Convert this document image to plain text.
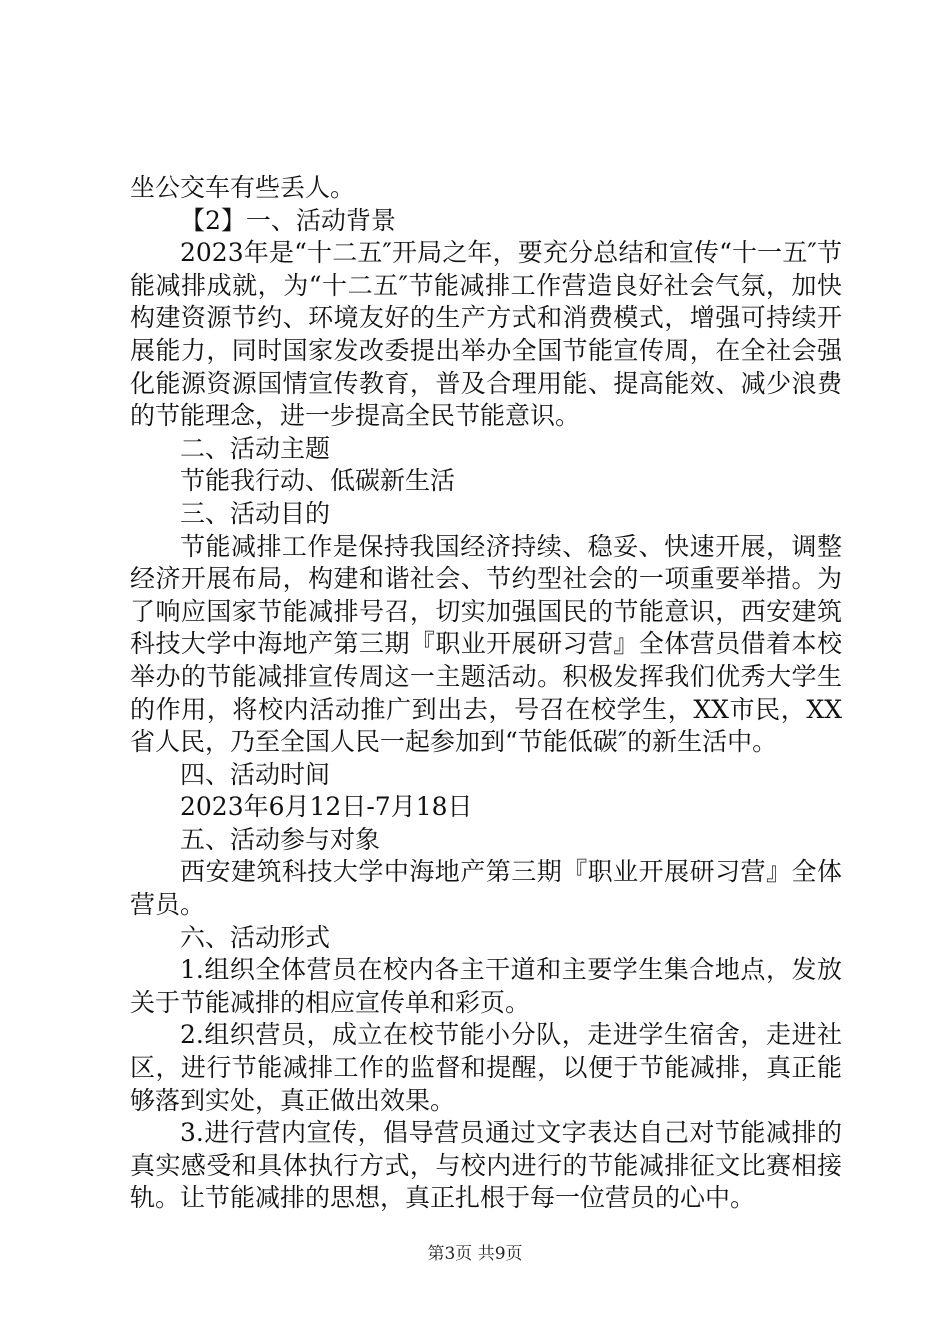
坐公交车有些丢人。

【2】一、活动背景

2023年是“十二五″开局之年，要充分总结和宣传“十一五″节能减排成就，为“十二五″节能减排工作营造良好社会气氛，加快构建资源节约、环境友好的生产方式和消费模式，增强可持续开展能力，同时国家发改委提出举办全国节能宣传周，在全社会强化能源资源国情宣传教育，普及合理用能、提高能效、减少浪费的节能理念，进一步提高全民节能意识。

二、活动主题

节能我行动、低碳新生活

三、活动目的

节能减排工作是保持我国经济持续、稳妥、快速开展，调整经济开展布局，构建和谐社会、节约型社会的一项重要举措。为了响应国家节能减排号召，切实加强国民的节能意识，西安建筑科技大学中海地产第三期『职业开展研习营』全体营员借着本校举办的节能减排宣传周这一主题活动。积极发挥我们优秀大学生的作用，将校内活动推广到出去，号召在校学生，XX市民，XX省人民，乃至全国人民一起参加到“节能低碳″的新生活中。

四、活动时间

2023年6月12日-7月18日

五、活动参与对象

西安建筑科技大学中海地产第三期『职业开展研习营』全体营员。

六、活动形式

1.组织全体营员在校内各主干道和主要学生集合地点，发放关于节能减排的相应宣传单和彩页。

2.组织营员，成立在校节能小分队，走进学生宿舍，走进社区，进行节能减排工作的监督和提醒，以便于节能减排，真正能够落到实处，真正做出效果。

3.进行营内宣传，倡导营员通过文字表达自己对节能减排的真实感受和具体执行方式，与校内进行的节能减排征文比赛相接轨。让节能减排的思想，真正扎根于每一位营员的心中。

第3页 共9页
